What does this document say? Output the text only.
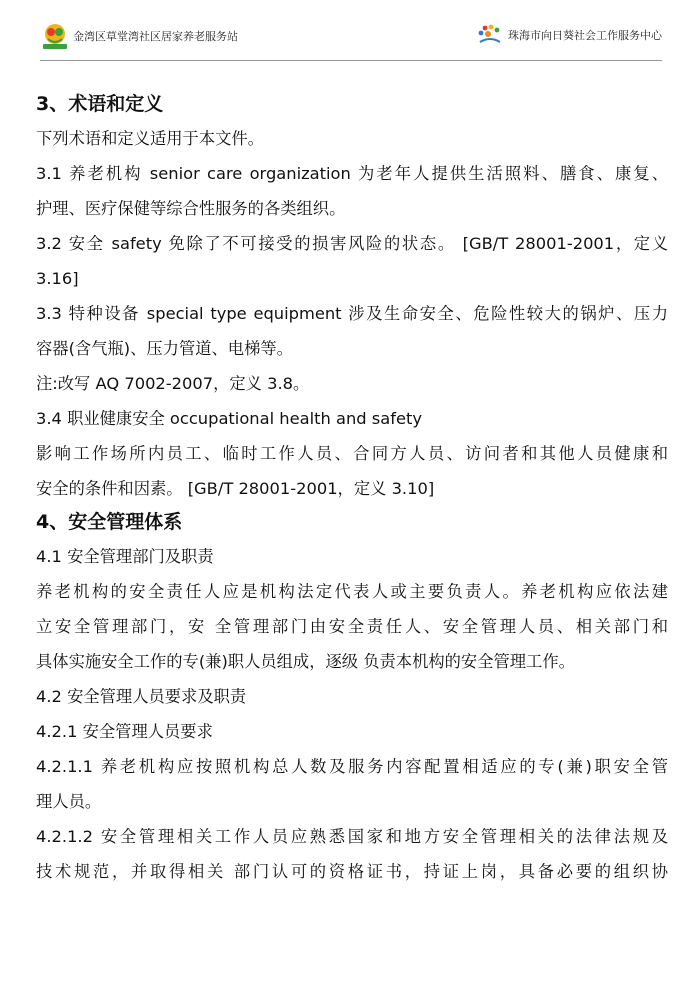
金湾区草堂湾社区居家养老服务站	珠海市向日葵社会工作服务中心
3、术语和定义

下列术语和定义适用于本文件。

3.1 养老机构 senior care organization 为老年人提供生活照料、膳食、康复、

护理、医疗保健等综合性服务的各类组织。

3.2 安全 safety 免除了不可接受的损害风险的状态。 [GB/T 28001-2001，定义

3.16]

3.3 特种设备 special type equipment 涉及生命安全、危险性较大的锅炉、压力

容器(含气瓶)、压力管道、电梯等。

注:改写 AQ 7002-2007，定义 3.8。

3.4 职业健康安全 occupational health and safety

影响工作场所内员工、临时工作人员、合同方人员、访问者和其他人员健康和

安全的条件和因素。 [GB/T 28001-2001，定义 3.10]

4、安全管理体系

4.1 安全管理部门及职责

养老机构的安全责任人应是机构法定代表人或主要负责人。养老机构应依法建

立安全管理部门，安 全管理部门由安全责任人、安全管理人员、相关部门和

具体实施安全工作的专(兼)职人员组成，逐级 负责本机构的安全管理工作。

4.2 安全管理人员要求及职责

4.2.1 安全管理人员要求

4.2.1.1 养老机构应按照机构总人数及服务内容配置相适应的专(兼)职安全管

理人员。

4.2.1.2 安全管理相关工作人员应熟悉国家和地方安全管理相关的法律法规及

技术规范，并取得相关 部门认可的资格证书，持证上岗，具备必要的组织协
